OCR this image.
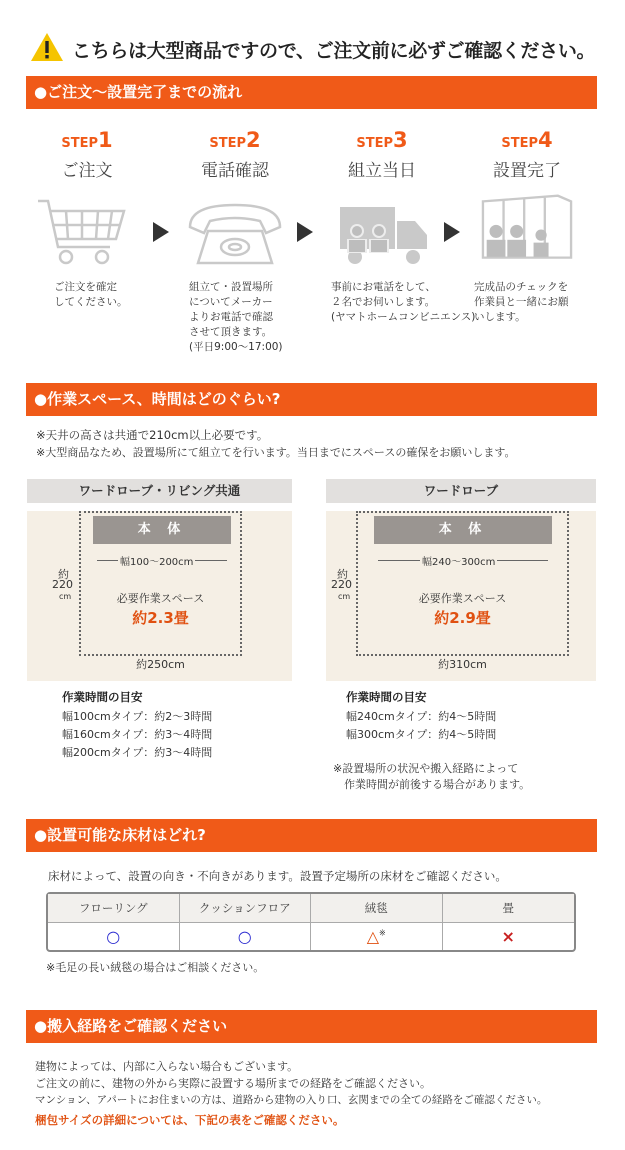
こちらは大型商品ですので、ご注文前に必ずご確認ください。
●ご注文～設置完了までの流れ
STEP1
ご注文
ご注文を確定
してください。
STEP2
電話確認
組立て・設置場所
についてメーカー
よりお電話で確認
させて頂きます。
(平日9:00～17:00)
STEP3
組立当日
事前にお電話をして、
２名でお伺いします。
(ヤマトホームコンビニエンス)
STEP4
設置完了
完成品のチェックを
作業員と一緒にお願
いします。
●作業スペース、時間はどのぐらい?
※天井の高さは共通で210cm以上必要です。
※大型商品なため、設置場所にて組立てを行います。当日までにスペースの確保をお願いします。
ワードローブ・リビング共通
本 体
幅100～200cm
約
220
cm	必要作業スペース
約2.3畳
約250cm
作業時間の目安
幅100cmタイプ：約2～3時間
幅160cmタイプ：約3～4時間
幅200cmタイプ：約3～4時間
ワードローブ
本 体
幅240～300cm
約
220
cm	必要作業スペース
約2.9畳
約310cm
作業時間の目安
幅240cmタイプ：約4～5時間
幅300cmタイプ：約4～5時間
※設置場所の状況や搬入経路によって
　作業時間が前後する場合があります。
●設置可能な床材はどれ?
床材によって、設置の向き・不向きがあります。設置予定場所の床材をご確認ください。
フローリング	クッションフロア	絨毯	畳
○	○	△※	×
※毛足の長い絨毯の場合はご相談ください。
●搬入経路をご確認ください
建物によっては、内部に入らない場合もございます。
ご注文の前に、建物の外から実際に設置する場所までの経路をご確認ください。
マンション、アパートにお住まいの方は、道路から建物の入り口、玄関までの全ての経路をご確認ください。
梱包サイズの詳細については、下記の表をご確認ください。
